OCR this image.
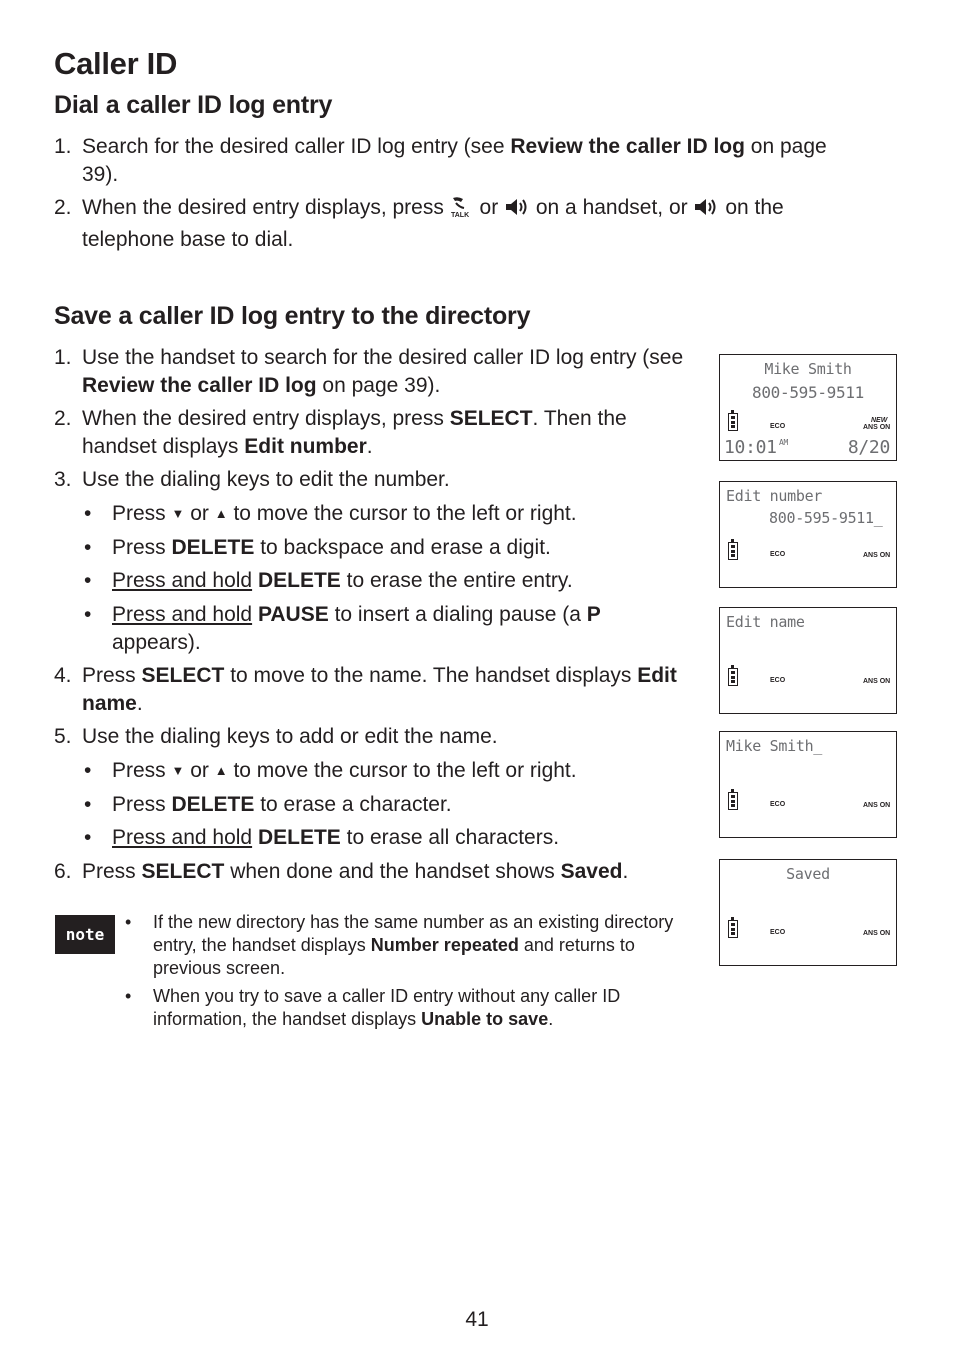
Caller ID
Dial a caller ID log entry
1. Search for the desired caller ID log entry (see Review the caller ID log on page 39).
2. When the desired entry displays, press TALK or  on a handset, or  on the telephone base to dial.
Save a caller ID log entry to the directory
1. Use the handset to search for the desired caller ID log entry (see Review the caller ID log on page 39).
2. When the desired entry displays, press SELECT. Then the handset displays Edit number.
3. Use the dialing keys to edit the number.
• Press ▼ or ▲ to move the cursor to the left or right.
• Press DELETE to backspace and erase a digit.
• Press and hold DELETE to erase the entire entry.
• Press and hold PAUSE to insert a dialing pause (a P appears).
4. Press SELECT to move to the name. The handset displays Edit name.
5. Use the dialing keys to add or edit the name.
• Press ▼ or ▲ to move the cursor to the left or right.
• Press DELETE to erase a character.
• Press and hold DELETE to erase all characters.
6. Press SELECT when done and the handset shows Saved.
note
•	If the new directory has the same number as an existing directory entry, the handset displays Number repeated and returns to previous screen.
•	When you try to save a caller ID entry without any caller ID information, the handset displays Unable to save.
Mike Smith
800-595-9511
ECO
NEW
ANS ON
10:01 AM	8/20
Edit number
800-595-9511_
ECO	ANS ON
Edit name
ECO	ANS ON
Mike Smith_
ECO	ANS ON
Saved
ECO	ANS ON
41
